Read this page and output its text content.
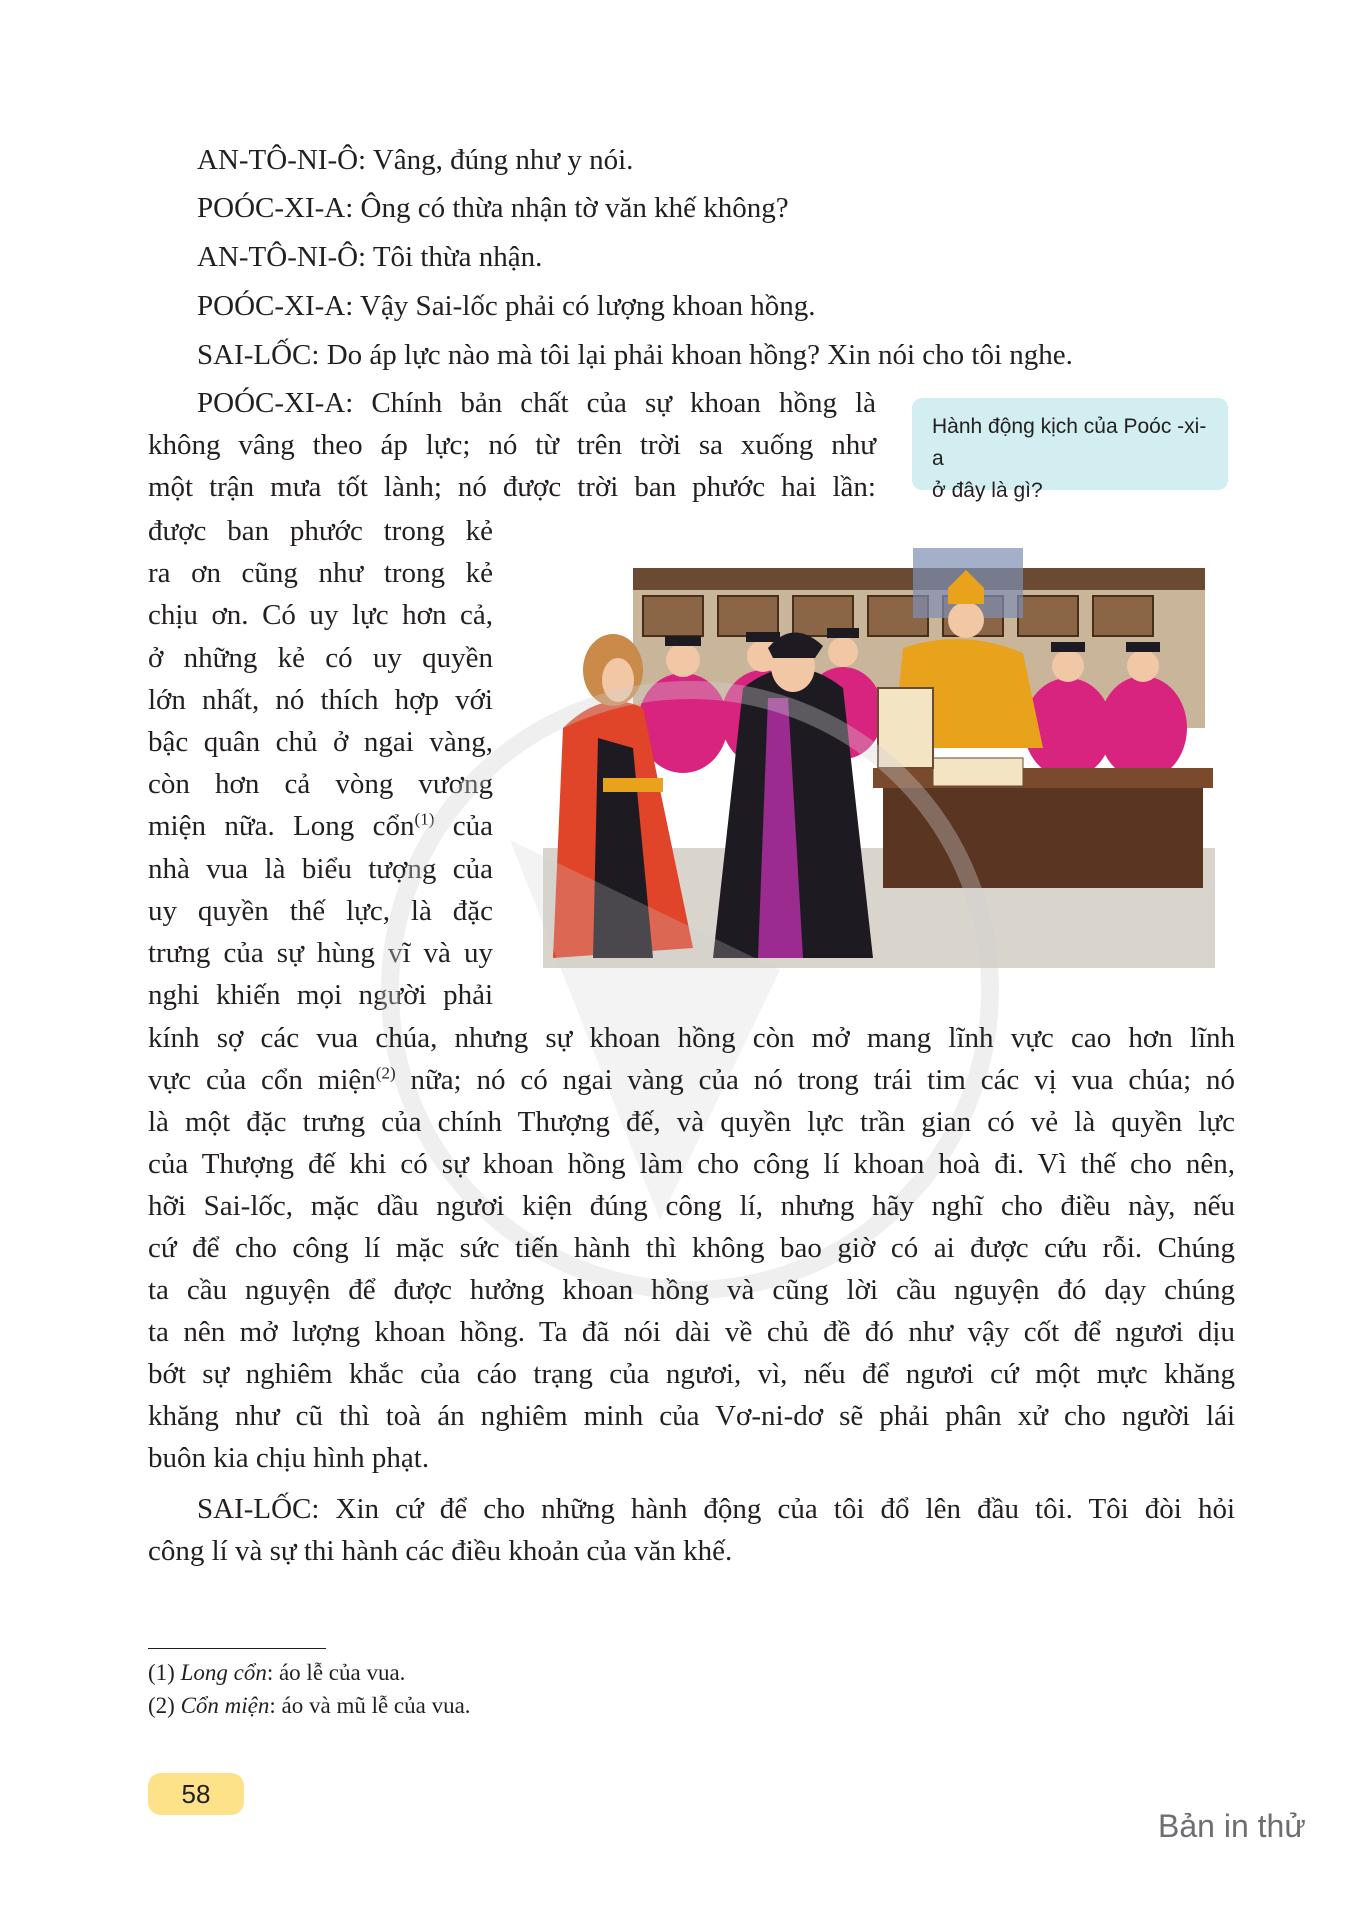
AN-TÔ-NI-Ô: Vâng, đúng như y nói.
POÓC-XI-A: Ông có thừa nhận tờ văn khế không?
AN-TÔ-NI-Ô: Tôi thừa nhận.
POÓC-XI-A: Vậy Sai-lốc phải có lượng khoan hồng.
SAI-LỐC: Do áp lực nào mà tôi lại phải khoan hồng? Xin nói cho tôi nghe.
POÓC-XI-A: Chính bản chất của sự khoan hồng là
không vâng theo áp lực; nó từ trên trời sa xuống như
một trận mưa tốt lành; nó được trời ban phước hai lần:
Hành động kịch của Poóc -xi-a
ở đây là gì?
được ban phước trong kẻ
ra ơn cũng như trong kẻ
chịu ơn. Có uy lực hơn cả,
ở những kẻ có uy quyền
lớn nhất, nó thích hợp với
bậc quân chủ ở ngai vàng,
còn hơn cả vòng vương
miện nữa. Long cổn$^{(1)}$ của
nhà vua là biểu tượng của
uy quyền thế lực, là đặc
trưng của sự hùng vĩ và uy
nghi khiến mọi người phải
kính sợ các vua chúa, nhưng sự khoan hồng còn mở mang lĩnh vực cao hơn lĩnh
vực của cổn miện$^{(2)}$ nữa; nó có ngai vàng của nó trong trái tim các vị vua chúa; nó
là một đặc trưng của chính Thượng đế, và quyền lực trần gian có vẻ là quyền lực
của Thượng đế khi có sự khoan hồng làm cho công lí khoan hoà đi. Vì thế cho nên,
hỡi Sai-lốc, mặc dầu ngươi kiện đúng công lí, nhưng hãy nghĩ cho điều này, nếu
cứ để cho công lí mặc sức tiến hành thì không bao giờ có ai được cứu rỗi. Chúng
ta cầu nguyện để được hưởng khoan hồng và cũng lời cầu nguyện đó dạy chúng
ta nên mở lượng khoan hồng. Ta đã nói dài về chủ đề đó như vậy cốt để ngươi dịu
bớt sự nghiêm khắc của cáo trạng của ngươi, vì, nếu để ngươi cứ một mực khăng
khăng như cũ thì toà án nghiêm minh của Vơ-ni-dơ sẽ phải phân xử cho người lái
buôn kia chịu hình phạt.
SAI-LỐC: Xin cứ để cho những hành động của tôi đổ lên đầu tôi. Tôi đòi hỏi
công lí và sự thi hành các điều khoản của văn khế.
(1) Long cổn: áo lễ của vua.
(2) Cổn miện: áo và mũ lễ của vua.
58
Bản in thử
